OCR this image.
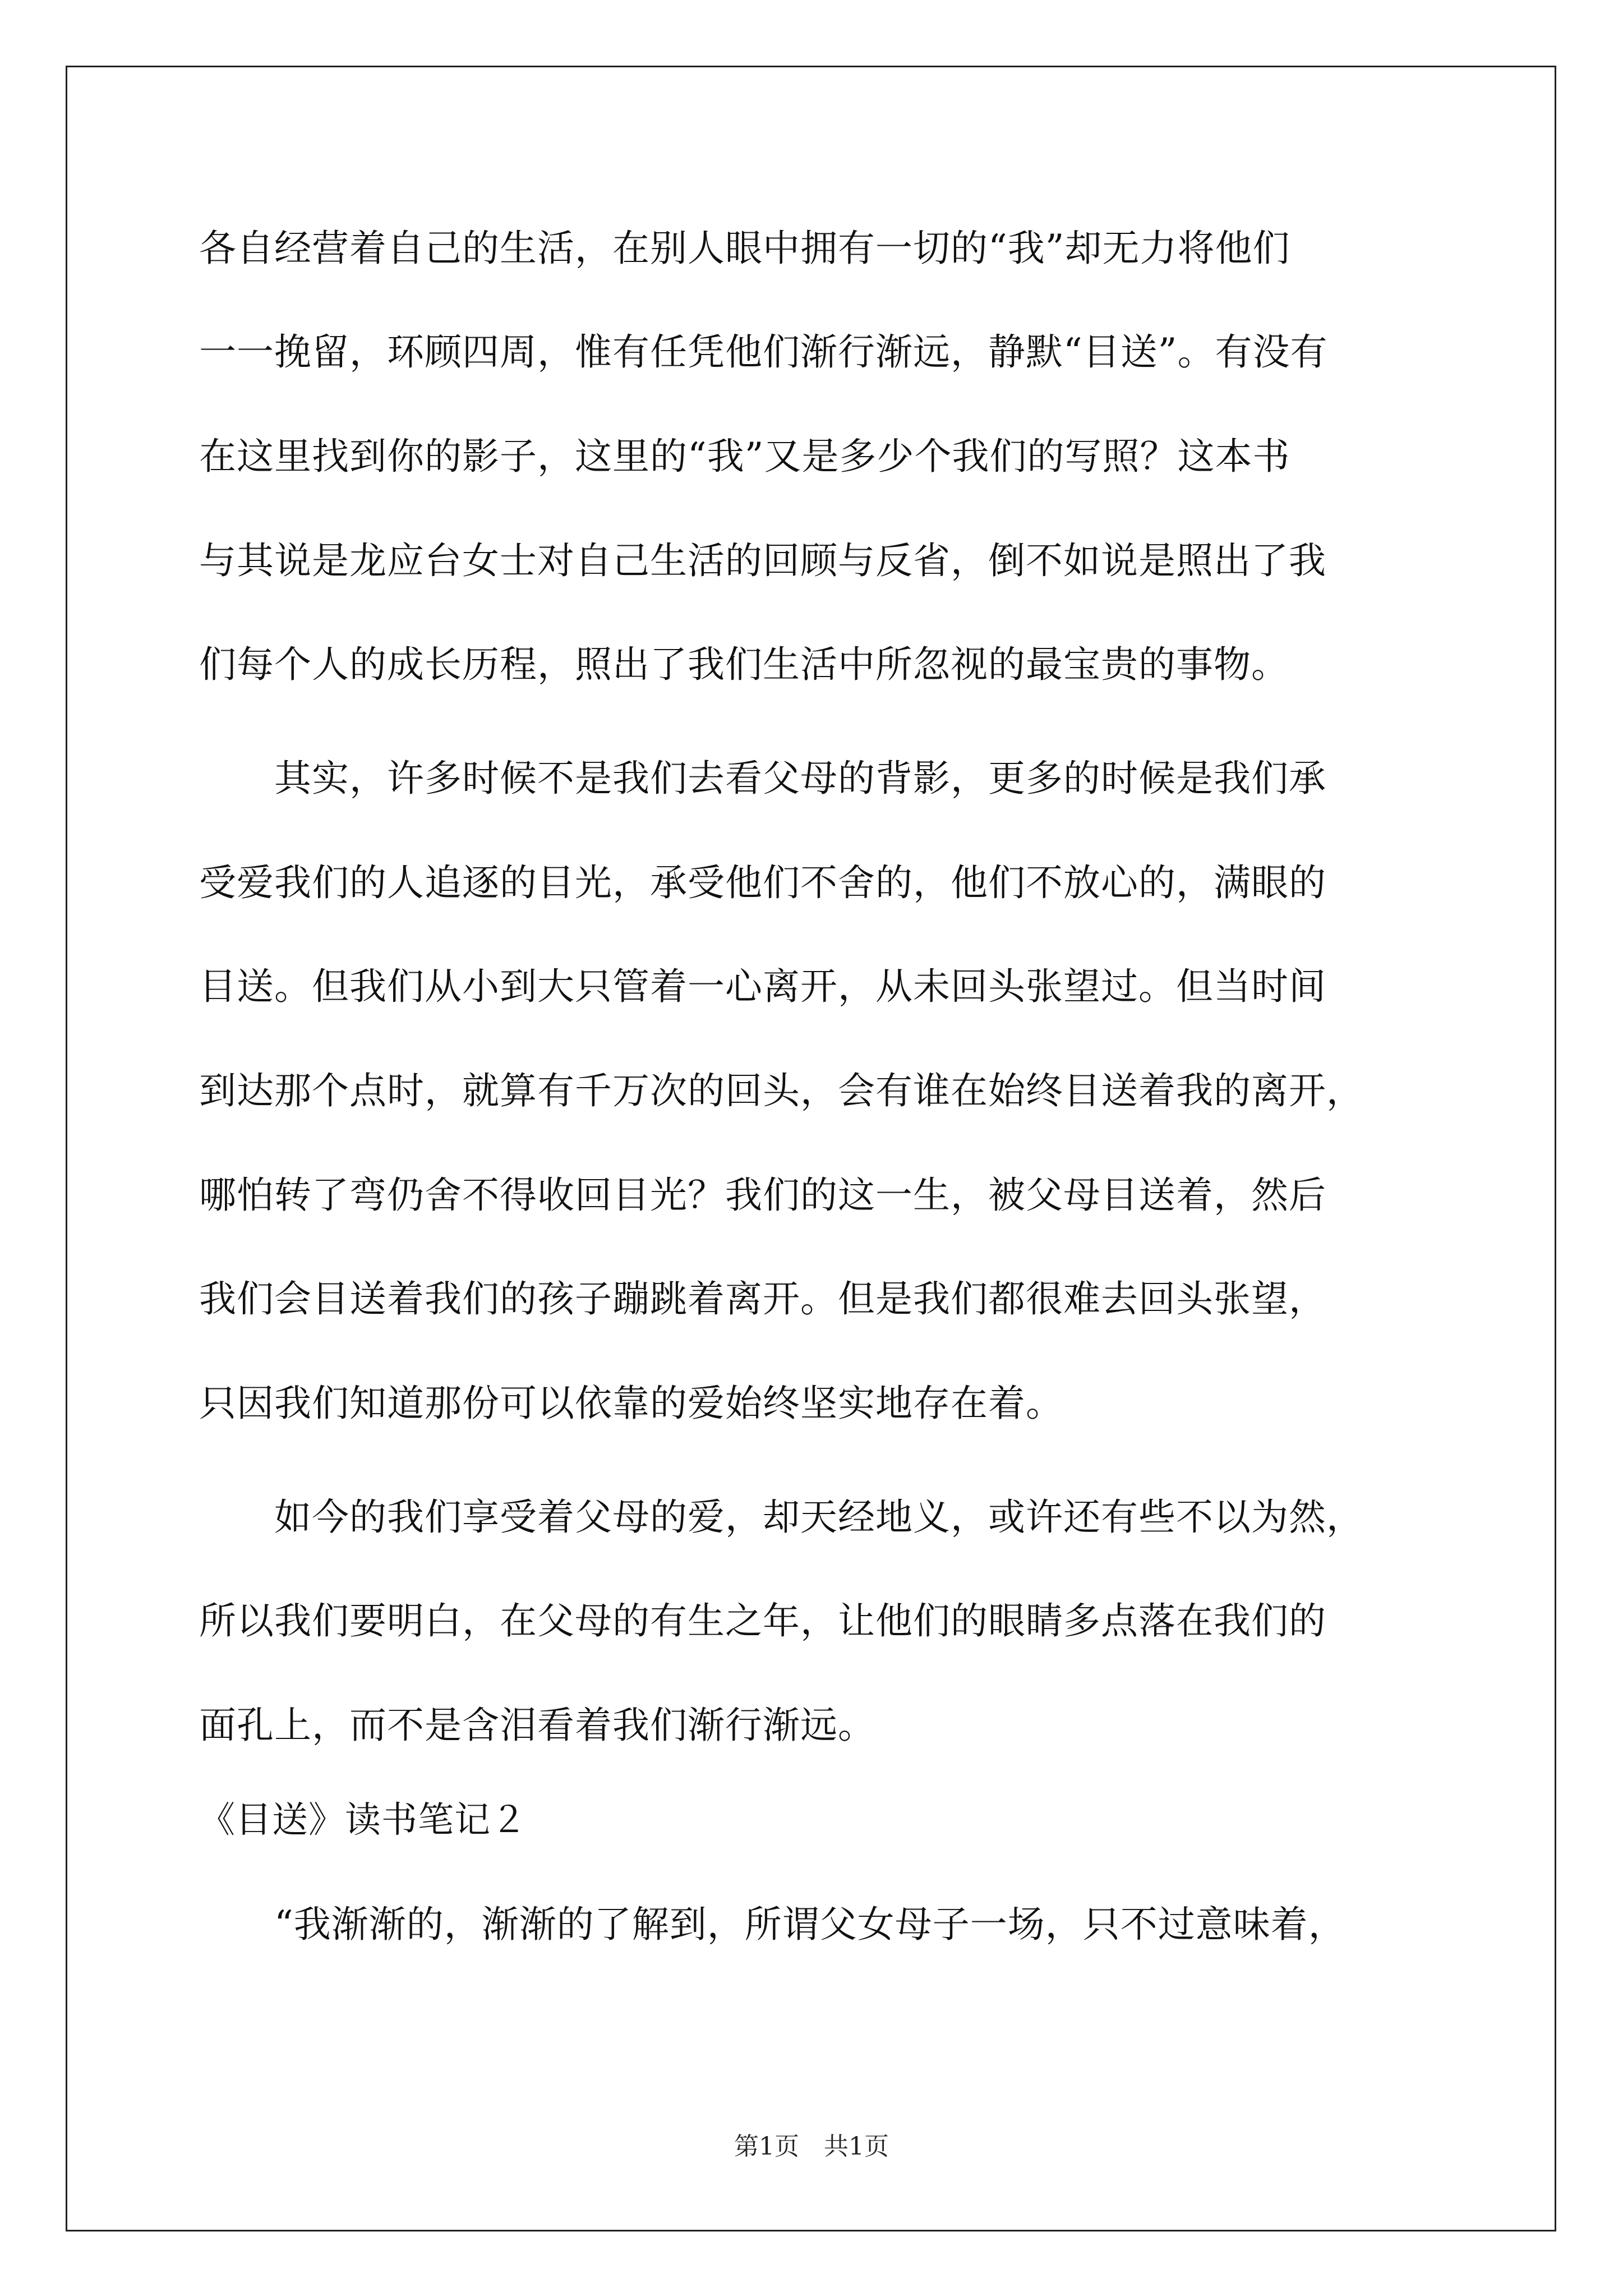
各自经营着自己的生活，在别人眼中拥有一切的“我”却无力将他们
一一挽留，环顾四周，惟有任凭他们渐行渐远，静默“目送”。有没有
在这里找到你的影子，这里的“我”又是多少个我们的写照？这本书
与其说是龙应台女士对自己生活的回顾与反省，倒不如说是照出了我
们每个人的成长历程，照出了我们生活中所忽视的最宝贵的事物。
　　其实，许多时候不是我们去看父母的背影，更多的时候是我们承
受爱我们的人追逐的目光，承受他们不舍的，他们不放心的，满眼的
目送。但我们从小到大只管着一心离开，从未回头张望过。但当时间
到达那个点时，就算有千万次的回头，会有谁在始终目送着我的离开，
哪怕转了弯仍舍不得收回目光？我们的这一生，被父母目送着，然后
我们会目送着我们的孩子蹦跳着离开。但是我们都很难去回头张望，
只因我们知道那份可以依靠的爱始终坚实地存在着。
　　如今的我们享受着父母的爱，却天经地义，或许还有些不以为然，
所以我们要明白，在父母的有生之年，让他们的眼睛多点落在我们的
面孔上，而不是含泪看着我们渐行渐远。
《目送》读书笔记２
　　“我渐渐的，渐渐的了解到，所谓父女母子一场，只不过意味着，
第1页　共1页
